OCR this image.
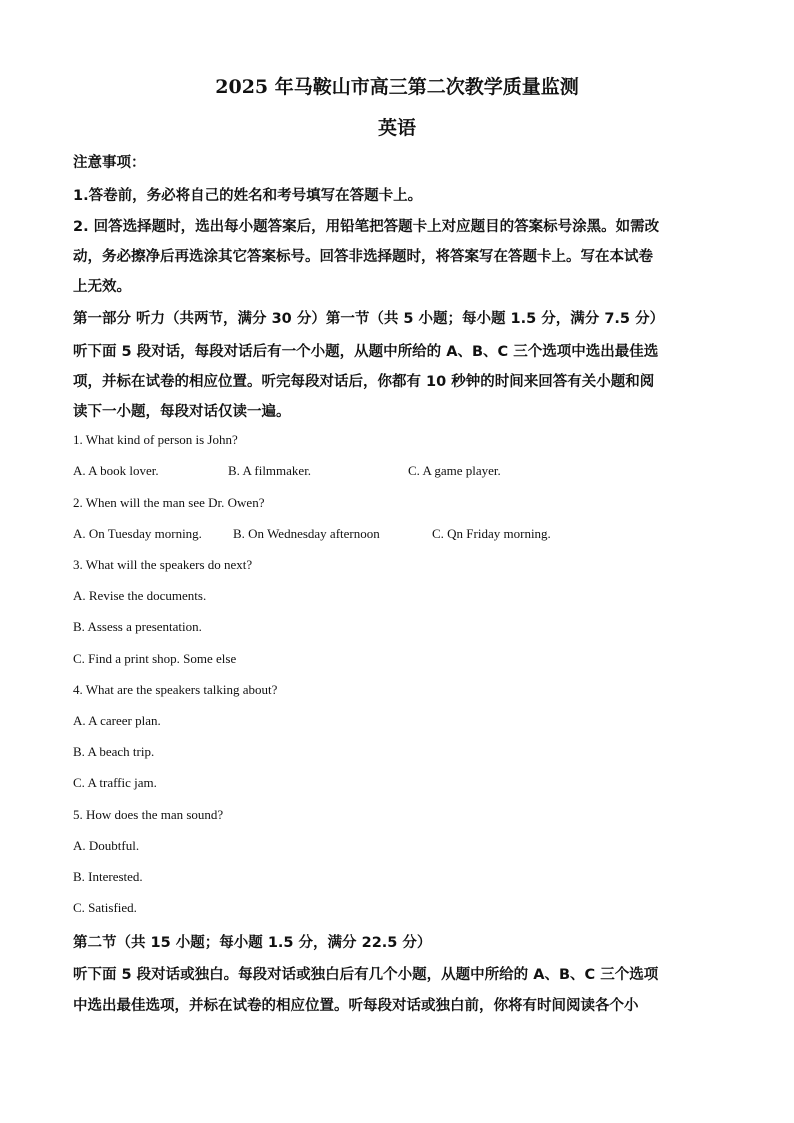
2025 年马鞍山市高三第二次教学质量监测
英语
注意事项：
1.答卷前，务必将自己的姓名和考号填写在答题卡上。
2. 回答选择题时，选出每小题答案后，用铅笔把答题卡上对应题目的答案标号涂黑。如需改
动，务必擦净后再选涂其它答案标号。回答非选择题时，将答案写在答题卡上。写在本试卷
上无效。
第一部分 听力（共两节，满分 30 分）第一节（共 5 小题；每小题 1.5 分，满分 7.5 分）
听下面 5 段对话，每段对话后有一个小题，从题中所给的 A、B、C 三个选项中选出最佳选
项，并标在试卷的相应位置。听完每段对话后，你都有 10 秒钟的时间来回答有关小题和阅
读下一小题，每段对话仅读一遍。
1. What kind of person is John?
A. A book lover.	B. A filmmaker.	C. A game player.
2. When will the man see Dr. Owen?
A. On Tuesday morning. B. On Wednesday afternoon	C. Qn Friday morning.
3. What will the speakers do next?
A. Revise the documents.
B. Assess a presentation.
C. Find a print shop. Some else
4. What are the speakers talking about?
A. A career plan.
B. A beach trip.
C. A traffic jam.
5. How does the man sound?
A. Doubtful.
B. Interested.
C. Satisfied.
第二节（共 15 小题；每小题 1.5 分，满分 22.5 分）
听下面 5 段对话或独白。每段对话或独白后有几个小题，从题中所给的 A、B、C 三个选项
中选出最佳选项，并标在试卷的相应位置。听每段对话或独白前，你将有时间阅读各个小
